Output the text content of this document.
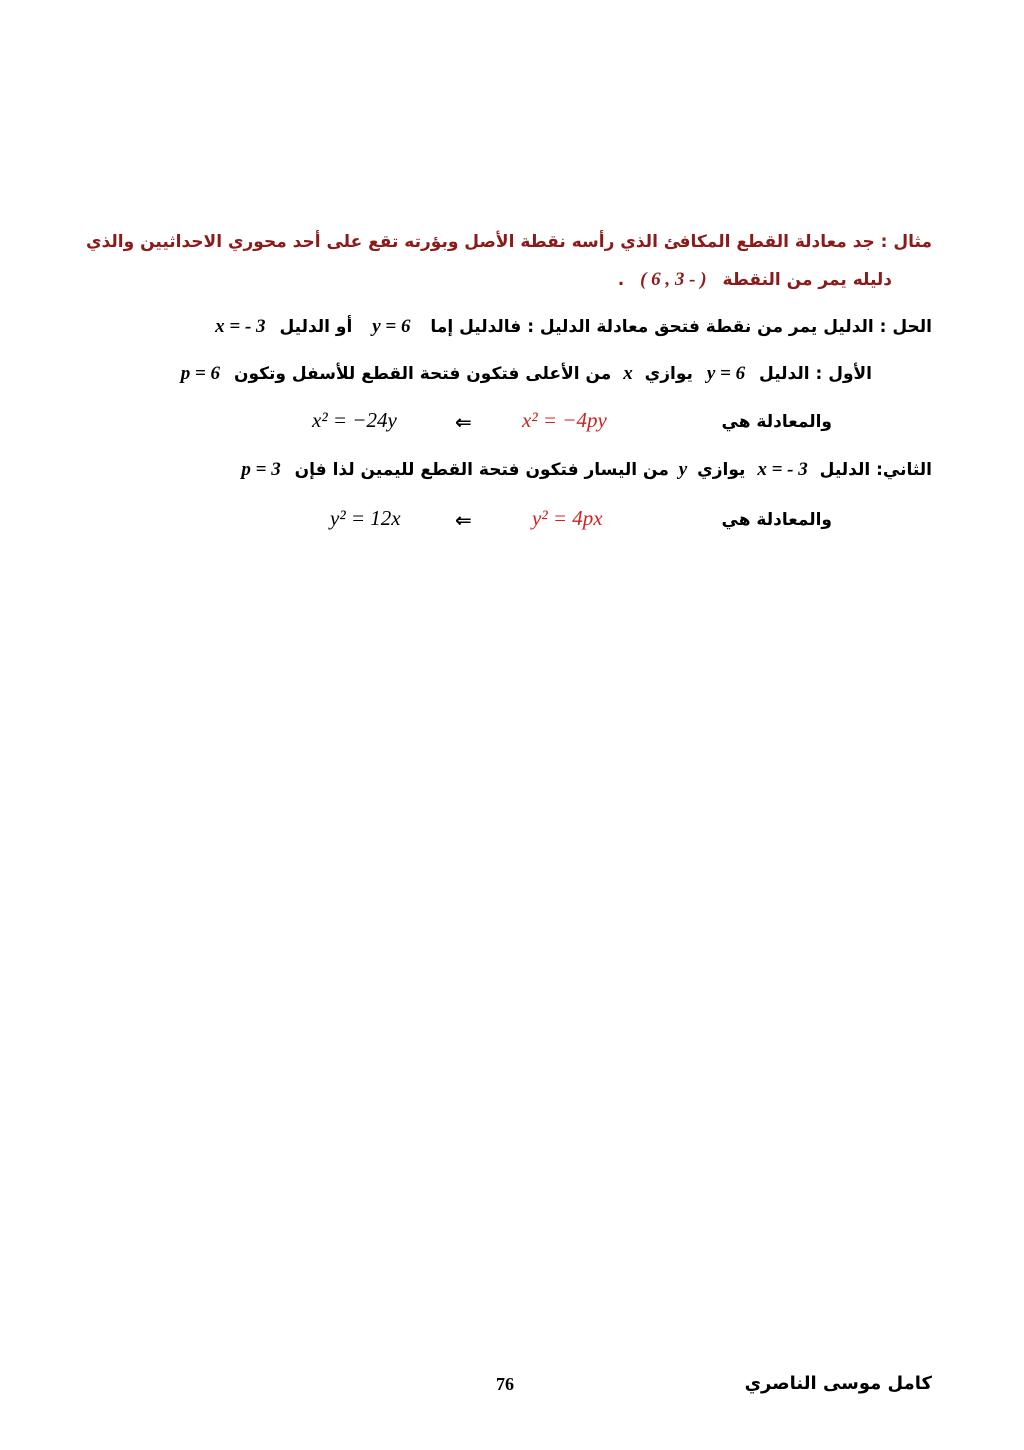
مثال : جد معادلة القطع المكافئ الذي رأسه نقطة الأصل وبؤرته تقع على أحد محوري الاحداثيين والذي
دليله يمر من النقطة ( 6 , 3 - ) .
الحل : الدليل يمر من نقطة فتحق معادلة الدليل : فالدليل إما y = 6 أو الدليل x = - 3
الأول : الدليل y = 6 يوازي x من الأعلى فتكون فتحة القطع للأسفل وتكون p = 6
والمعادلة هي
x² = −4py
⇐
x² = −24y
الثاني: الدليل x = - 3 يوازي y من اليسار فتكون فتحة القطع لليمين لذا فإن p = 3
والمعادلة هي
y² = 4px
⇐
y² = 12x
كامل موسى الناصري
76
